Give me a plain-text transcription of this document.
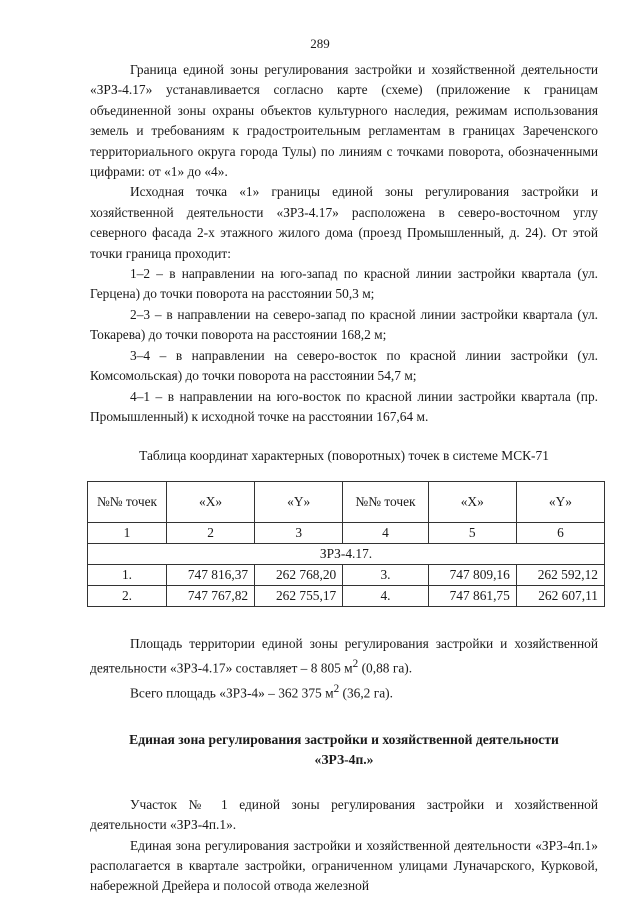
289

Граница единой зоны регулирования застройки и хозяйственной деятельности «ЗРЗ-4.17» устанавливается согласно карте (схеме) (приложение к границам объединенной зоны охраны объектов культурного наследия, режимам использования земель и требованиям к градостроительным регламентам в границах Зареченского территориального округа города Тулы) по линиям с точками поворота, обозначенными цифрами: от «1» до «4».

Исходная точка «1» границы единой зоны регулирования застройки и хозяйственной деятельности «ЗРЗ-4.17» расположена в северо-восточном углу северного фасада 2-х этажного жилого дома (проезд Промышленный, д. 24). От этой точки граница проходит:

1–2 – в направлении на юго-запад по красной линии застройки квартала (ул. Герцена) до точки поворота на расстоянии 50,3 м;

2–3 – в направлении на северо-запад по красной линии застройки квартала (ул. Токарева) до точки поворота на расстоянии 168,2 м;

3–4 – в направлении на северо-восток по красной линии застройки (ул. Комсомольская) до точки поворота на расстоянии 54,7 м;

4–1 – в направлении на юго-восток по красной линии застройки квартала (пр. Промышленный) к исходной точке на расстоянии 167,64 м.

Таблица координат характерных (поворотных) точек в системе МСК-71
№№ точек	«X»	«Y»	№№ точек	«X»	«Y»
1	2	3	4	5	6
ЗРЗ-4.17.					
1.	747 816,37	262 768,20	3.	747 809,16	262 592,12
2.	747 767,82	262 755,17	4.	747 861,75	262 607,11

Площадь территории единой зоны регулирования застройки и хозяйственной деятельности «ЗРЗ-4.17» составляет – 8 805 $м^2$ (0,88 га).

Всего площадь «ЗРЗ-4» – 362 375 $м^2$ (36,2 га).

Единая зона регулирования застройки и хозяйственной деятельности
«ЗРЗ-4п.»

Участок № 1 единой зоны регулирования застройки и хозяйственной деятельности «ЗРЗ-4п.1».

Единая зона регулирования застройки и хозяйственной деятельности «ЗРЗ-4п.1» располагается в квартале застройки, ограниченном улицами Луначарского, Курковой, набережной Дрейера и полосой отвода железной
